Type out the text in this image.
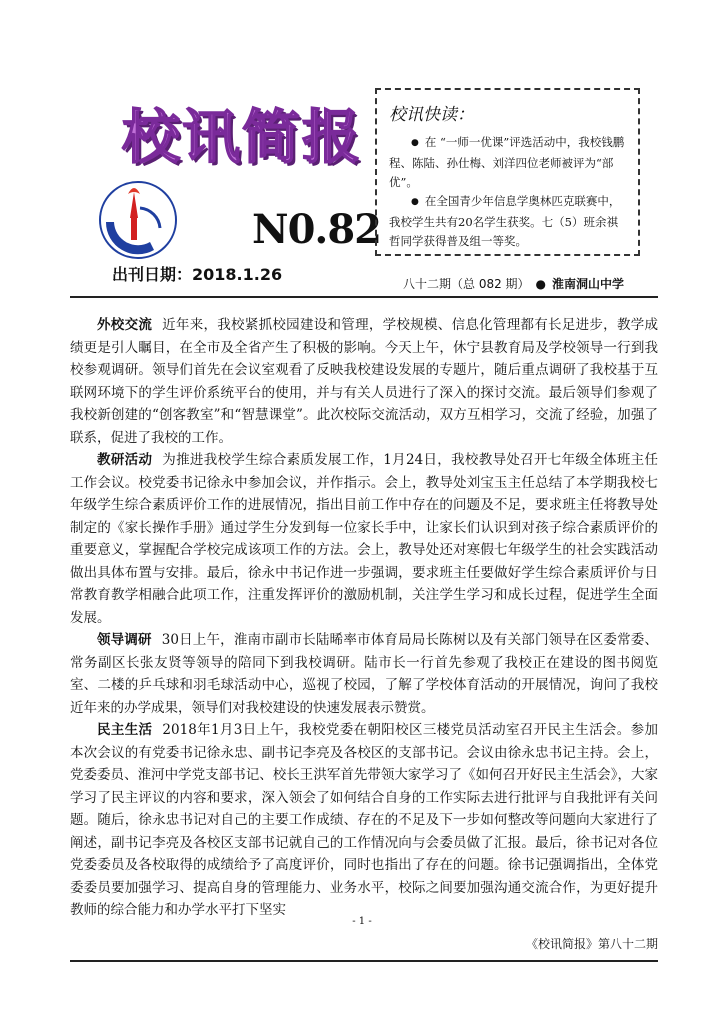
校讯简报
N0.82
出刊日期：2018.1.26
校讯快读：
● 在 “一师一优课”评选活动中，我校钱鹏程、陈陆、孙仕梅、刘洋四位老师被评为“部优”。
● 在全国青少年信息学奥林匹克联赛中，我校学生共有20名学生获奖。七（5）班余祺哲同学获得普及组一等奖。
八十二期（总 082 期） ● 淮南洞山中学

外校交流 近年来，我校紧抓校园建设和管理，学校规模、信息化管理都有长足进步，教学成绩更是引人瞩目，在全市及全省产生了积极的影响。今天上午，休宁县教育局及学校领导一行到我校参观调研。领导们首先在会议室观看了反映我校建设发展的专题片，随后重点调研了我校基于互联网环境下的学生评价系统平台的使用，并与有关人员进行了深入的探讨交流。最后领导们参观了我校新创建的“创客教室”和“智慧课堂”。此次校际交流活动，双方互相学习，交流了经验，加强了联系，促进了我校的工作。

教研活动 为推进我校学生综合素质发展工作，1月24日，我校教导处召开七年级全体班主任工作会议。校党委书记徐永中参加会议，并作指示。会上，教导处刘宝玉主任总结了本学期我校七年级学生综合素质评价工作的进展情况，指出目前工作中存在的问题及不足，要求班主任将教导处制定的《家长操作手册》通过学生分发到每一位家长手中，让家长们认识到对孩子综合素质评价的重要意义，掌握配合学校完成该项工作的方法。会上，教导处还对寒假七年级学生的社会实践活动做出具体布置与安排。最后，徐永中书记作进一步强调，要求班主任要做好学生综合素质评价与日常教育教学相融合此项工作，注重发挥评价的激励机制，关注学生学习和成长过程，促进学生全面发展。

领导调研 30日上午，淮南市副市长陆晞率市体育局局长陈树以及有关部门领导在区委常委、常务副区长张友贤等领导的陪同下到我校调研。陆市长一行首先参观了我校正在建设的图书阅览室、二楼的乒乓球和羽毛球活动中心，巡视了校园，了解了学校体育活动的开展情况，询问了我校近年来的办学成果，领导们对我校建设的快速发展表示赞赏。

民主生活 2018年1月3日上午，我校党委在朝阳校区三楼党员活动室召开民主生活会。参加本次会议的有党委书记徐永忠、副书记李亮及各校区的支部书记。会议由徐永忠书记主持。会上，党委委员、淮河中学党支部书记、校长王洪军首先带领大家学习了《如何召开好民主生活会》，大家学习了民主评议的内容和要求，深入领会了如何结合自身的工作实际去进行批评与自我批评有关问题。随后，徐永忠书记对自己的主要工作成绩、存在的不足及下一步如何整改等问题向大家进行了阐述，副书记李亮及各校区支部书记就自己的工作情况向与会委员做了汇报。最后，徐书记对各位党委委员及各校取得的成绩给予了高度评价，同时也指出了存在的问题。徐书记强调指出，全体党委委员要加强学习、提高自身的管理能力、业务水平，校际之间要加强沟通交流合作，为更好提升教师的综合能力和办学水平打下坚实

- 1 -
《校讯简报》第八十二期
